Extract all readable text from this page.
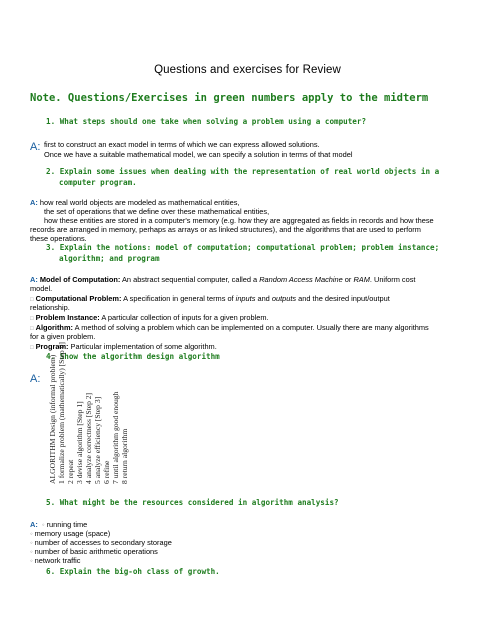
Questions and exercises for Review
Note. Questions/Exercises in green numbers apply to the midterm
1. What steps should one take when solving a problem using a computer?
A: first to construct an exact model in terms of which we can express allowed solutions.
Once we have a suitable mathematical model, we can specify a solution in terms of that model
2. Explain some issues when dealing with the representation of real world objects in a
computer program.
A: how real world objects are modeled as mathematical entities,
the set of operations that we define over these mathematical entities,
how these entities are stored in a computer's memory (e.g. how they are aggregated as fields in records and how these
records are arranged in memory, perhaps as arrays or as linked structures), and the algorithms that are used to perform
these operations.
3. Explain the notions: model of computation; computational problem; problem instance;
algorithm; and program
A: Model of Computation: An abstract sequential computer, called a Random Access Machine or RAM. Uniform cost
model.
□ Computational Problem: A specification in general terms of inputs and outputs and the desired input/output
relationship.
□ Problem Instance: A particular collection of inputs for a given problem.
□ Algorithm: A method of solving a problem which can be implemented on a computer. Usually there are many algorithms
for a given problem.
□ Program: Particular implementation of some algorithm.
4. Show the algorithm design algorithm
A: ALGORITHM Design (informal problem) 1 formalize problem (mathematically) [Step 0] 2 repeat 3 devise algorithm [Step 1] 4 analyze correctness [Step 2] 5 analyze efficiency [Step 3] 6 refine 7 until algorithm good enough 8 return algorithm
5. What might be the resources considered in algorithm analysis?
A:  ◦ running time
◦ memory usage (space)
◦ number of accesses to secondary storage
◦ number of basic arithmetic operations
◦ network traffic
6. Explain the big-oh class of growth.
